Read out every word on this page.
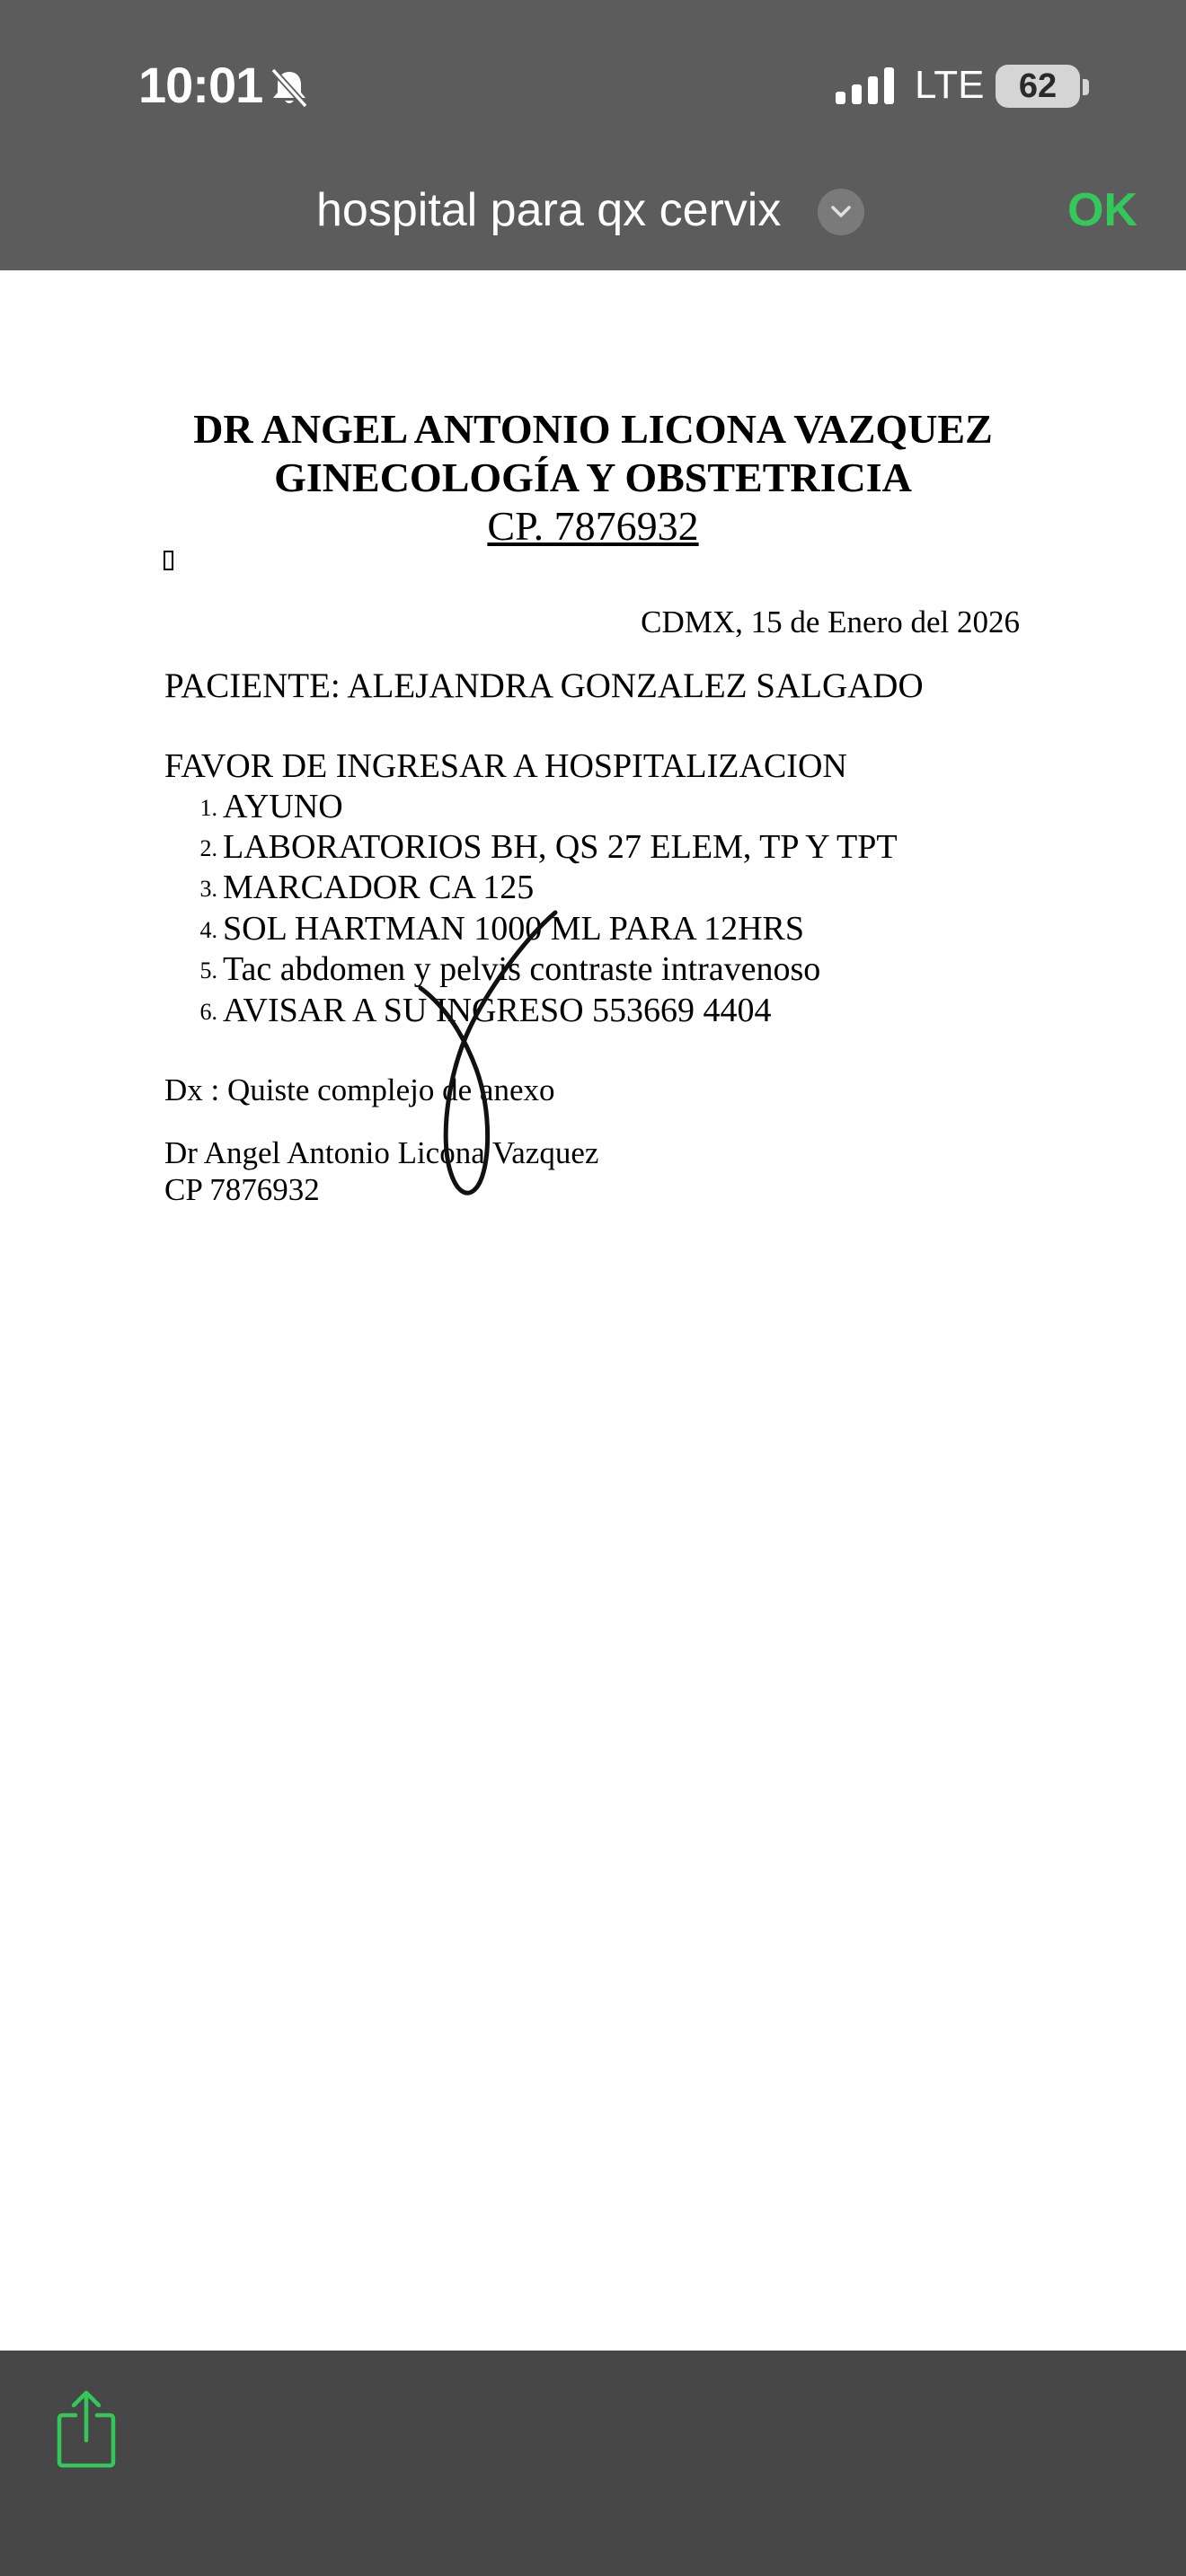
10:01	LTE	62
hospital para qx cervix	OK
DR ANGEL ANTONIO LICONA VAZQUEZ
GINECOLOGÍA Y OBSTETRICIA
CP. 7876932
CDMX, 15 de Enero del 2026
PACIENTE: ALEJANDRA GONZALEZ SALGADO
FAVOR DE INGRESAR A HOSPITALIZACION
1. AYUNO
2. LABORATORIOS BH, QS 27 ELEM, TP Y TPT
3. MARCADOR CA 125
4. SOL HARTMAN 1000 ML PARA 12HRS
5. Tac abdomen y pelvis contraste intravenoso
6. AVISAR A SU INGRESO 553669 4404
Dx : Quiste complejo de anexo
Dr Angel Antonio Licona Vazquez
CP 7876932
